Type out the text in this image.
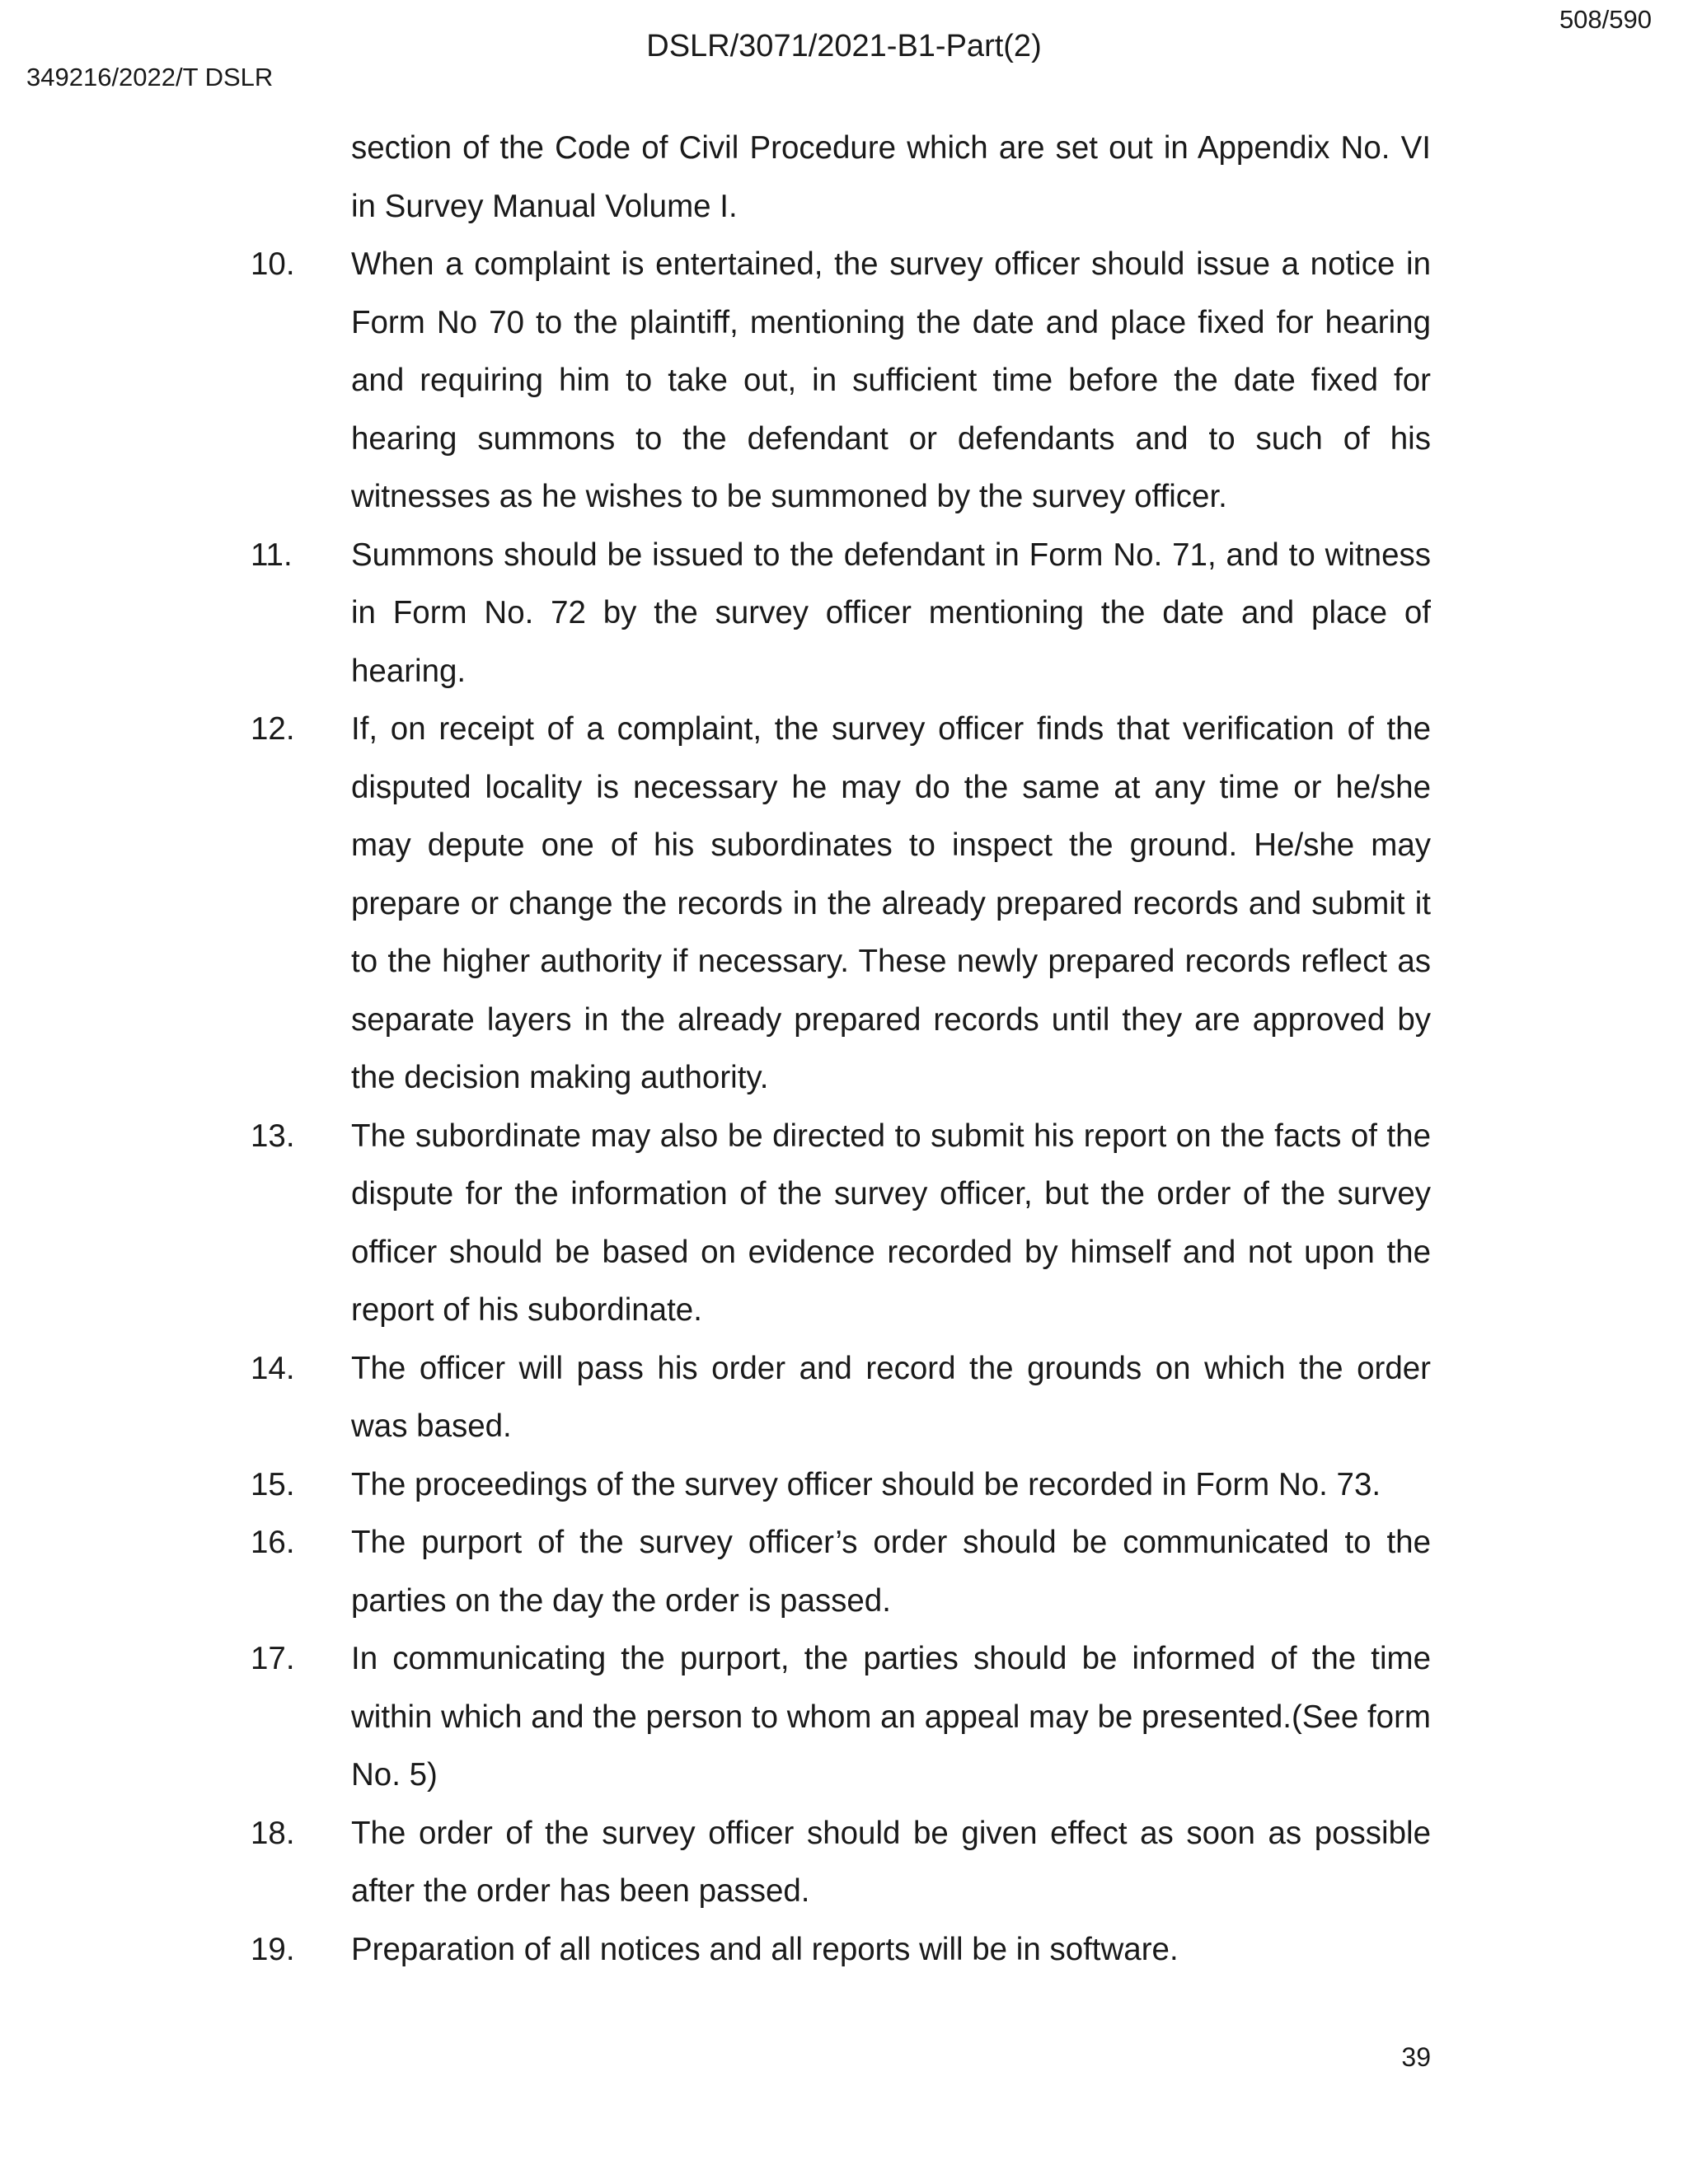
508/590
349216/2022/T DSLR
DSLR/3071/2021-B1-Part(2)
section of the Code of Civil Procedure which are set out in Appendix No. VI in Survey Manual Volume I.
10.	When a complaint is entertained, the survey officer should issue a notice in Form No 70 to the plaintiff, mentioning the date and place fixed for hearing and requiring him to take out, in sufficient time before the date fixed for hearing summons to the defendant or defendants and to such of his witnesses as he wishes to be summoned by the survey officer.
11.	Summons should be issued to the defendant in Form No. 71, and to witness in Form No. 72 by the survey officer mentioning the date and place of hearing.
12.	If, on receipt of a complaint, the survey officer finds that verification of the disputed locality is necessary he may do the same at any time or he/she may depute one of his subordinates to inspect the ground. He/she may prepare or change the records in the already prepared records and submit it to the higher authority if necessary. These newly prepared records reflect as separate layers in the already prepared records until they are approved by the decision making authority.
13.	The subordinate may also be directed to submit his report on the facts of the dispute for the information of the survey officer, but the order of the survey officer should be based on evidence recorded by himself and not upon the report of his subordinate.
14.	The officer will pass his order and record the grounds on which the order was based.
15.	The proceedings of the survey officer should be recorded in Form No. 73.
16.	The purport of the survey officer’s order should be communicated to the parties on the day the order is passed.
17.	In communicating the purport, the parties should be informed of the time within which and the person to whom an appeal may be presented.(See form No. 5)
18.	The order of the survey officer should be given effect as soon as possible after the order has been passed.
19.	Preparation of all notices and all reports will be in software.
39
